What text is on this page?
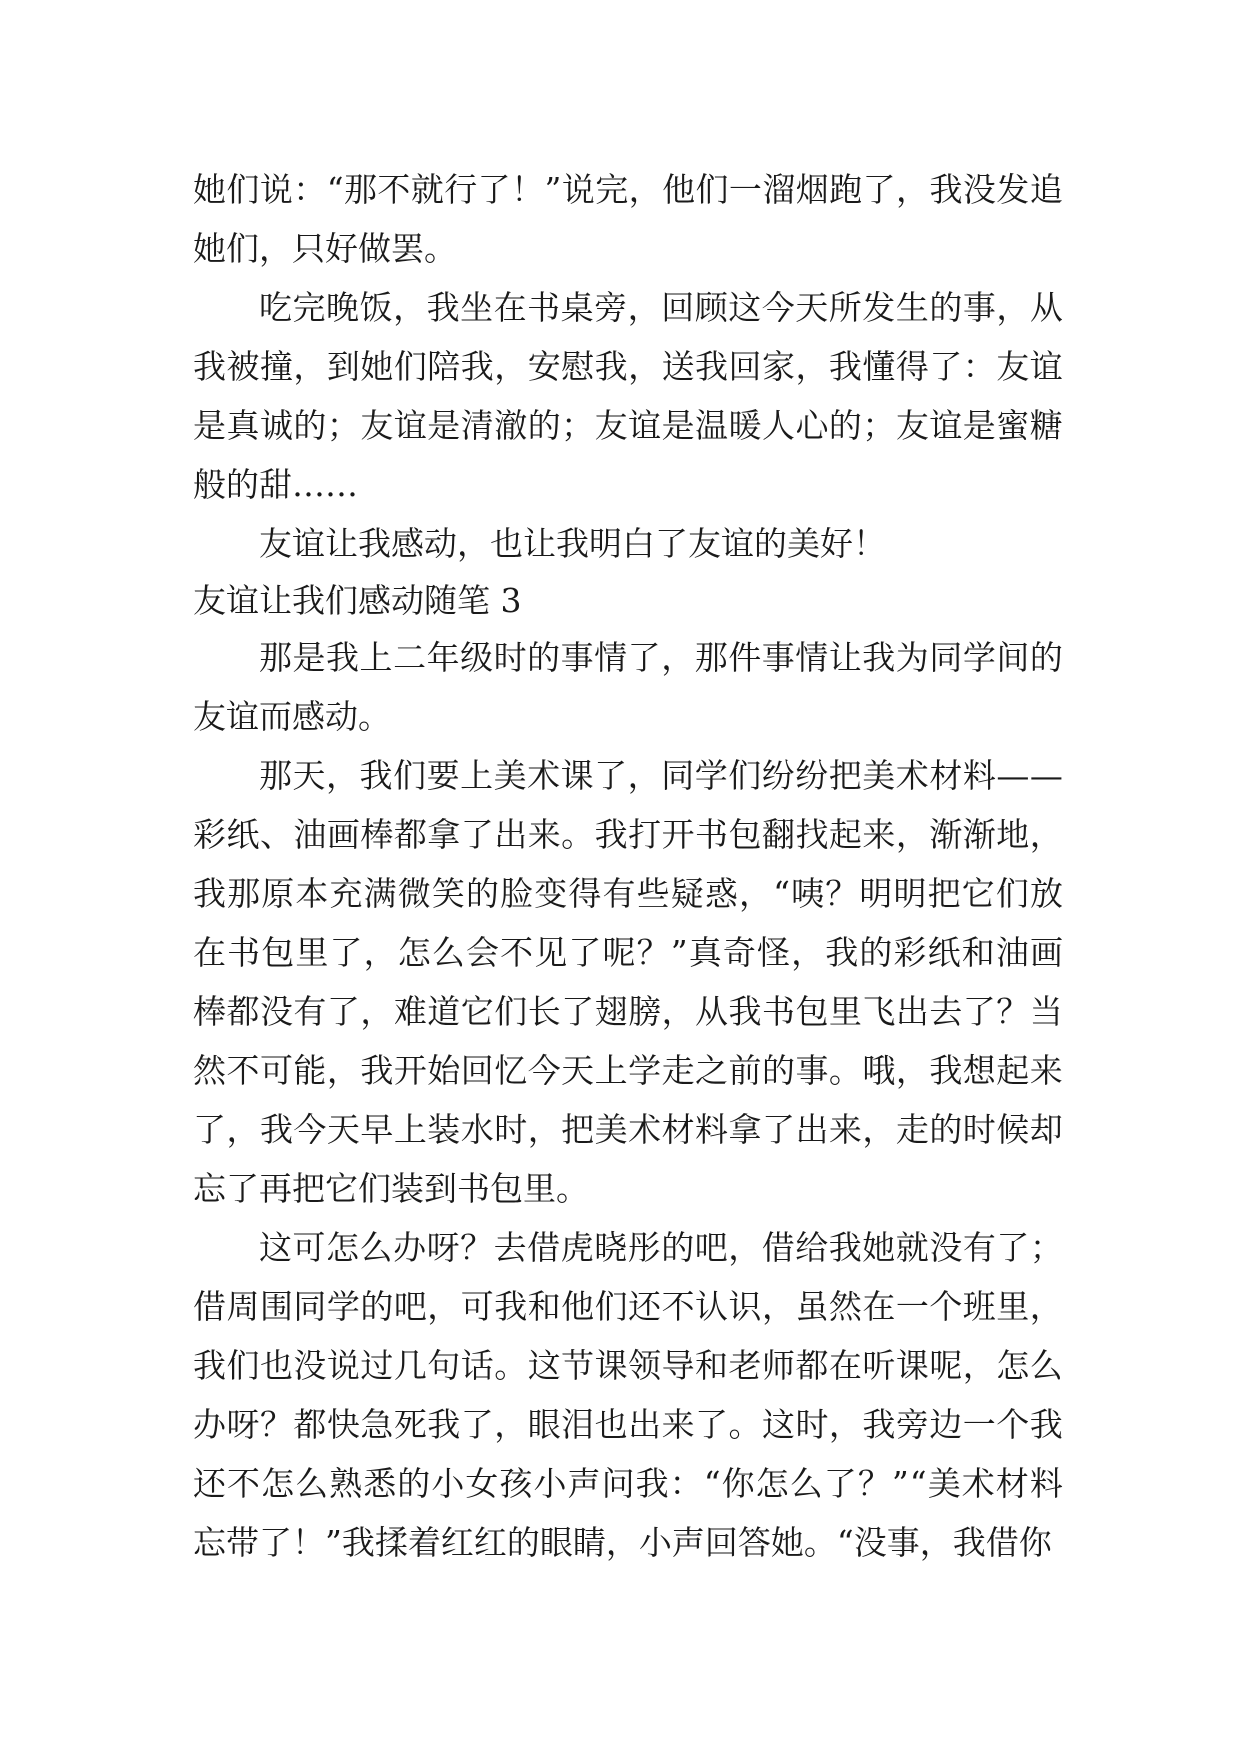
她 们 说 ： “ 那 不 就 行 了 ！ ” 说 完 ， 他 们 一 溜 烟 跑 了 ， 我 没 发 追
她们，只好做罢。
吃 完 晚 饭 ， 我 坐 在 书 桌 旁 ， 回 顾 这 今 天 所 发 生 的 事 ， 从
我 被 撞 ， 到 她 们 陪 我 ， 安 慰 我 ， 送 我 回 家 ， 我 懂 得 了 ： 友 谊
是 真 诚 的 ； 友 谊 是 清 澈 的 ； 友 谊 是 温 暖 人 心 的 ； 友 谊 是 蜜 糖
般的甜……
友谊让我感动，也让我明白了友谊的美好！
友谊让我们感动随笔 3
那 是 我 上 二 年 级 时 的 事 情 了 ， 那 件 事 情 让 我 为 同 学 间 的
友谊而感动。
那 天 ， 我 们 要 上 美 术 课 了 ， 同 学 们 纷 纷 把 美 术 材 料 — —
彩 纸 、 油 画 棒 都 拿 了 出 来 。 我 打 开 书 包 翻 找 起 来 ， 渐 渐 地 ，
我 那 原 本 充 满 微 笑 的 脸 变 得 有 些 疑 惑 ， “ 咦 ？ 明 明 把 它 们 放
在 书 包 里 了 ， 怎 么 会 不 见 了 呢 ？ ” 真 奇 怪 ， 我 的 彩 纸 和 油 画
棒 都 没 有 了 ， 难 道 它 们 长 了 翅 膀 ， 从 我 书 包 里 飞 出 去 了 ？ 当
然 不 可 能 ， 我 开 始 回 忆 今 天 上 学 走 之 前 的 事 。 哦 ， 我 想 起 来
了 ， 我 今 天 早 上 装 水 时 ， 把 美 术 材 料 拿 了 出 来 ， 走 的 时 候 却
忘了再把它们装到书包里。
这 可 怎 么 办 呀 ？ 去 借 虎 晓 彤 的 吧 ， 借 给 我 她 就 没 有 了 ；
借 周 围 同 学 的 吧 ， 可 我 和 他 们 还 不 认 识 ， 虽 然 在 一 个 班 里 ，
我 们 也 没 说 过 几 句 话 。 这 节 课 领 导 和 老 师 都 在 听 课 呢 ， 怎 么
办 呀 ？ 都 快 急 死 我 了 ， 眼 泪 也 出 来 了 。 这 时 ， 我 旁 边 一 个 我
还 不 怎 么 熟 悉 的 小 女 孩 小 声 问 我 ： “ 你 怎 么 了 ？ ” “ 美 术 材 料
忘带了！”我揉着红红的眼睛，小声回答她。“没事，我借你
